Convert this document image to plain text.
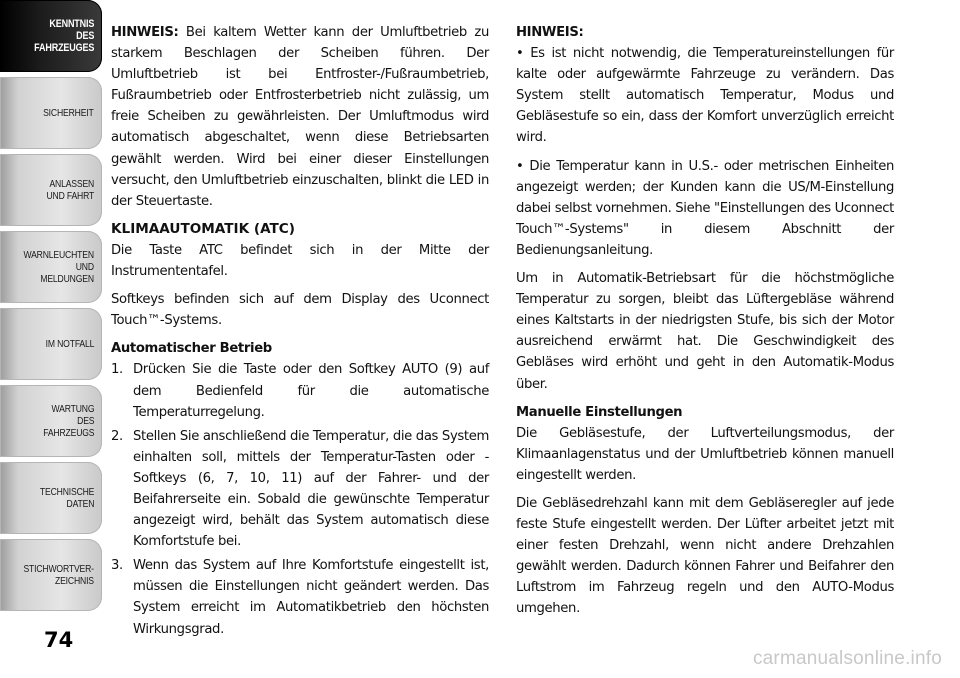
KENNTNIS
DES
FAHRZEUGES
SICHERHEIT
ANLASSEN
UND FAHRT
WARNLEUCHTEN
UND
MELDUNGEN
IM NOTFALL
WARTUNG
DES
FAHRZEUGS
TECHNISCHE
DATEN
STICHWORTVER-
ZEICHNIS
74

HINWEIS: Bei kaltem Wetter kann der Umluftbetrieb zu starkem Beschlagen der Scheiben führen. Der Umluftbetrieb ist bei Entfroster-/Fußraumbetrieb, Fußraumbetrieb oder Entfrosterbetrieb nicht zulässig, um freie Scheiben zu gewährleisten. Der Umluftmodus wird automatisch abgeschaltet, wenn diese Betriebsarten gewählt werden. Wird bei einer dieser Einstellungen versucht, den Umluftbetrieb einzuschalten, blinkt die LED in der Steuertaste.

KLIMAAUTOMATIK (ATC)

Die Taste ATC befindet sich in der Mitte der Instrumententafel.

Softkeys befinden sich auf dem Display des Uconnect Touch™-Systems.

Automatischer Betrieb
1. Drücken Sie die Taste oder den Softkey AUTO (9) auf dem Bedienfeld für die automatische Temperaturregelung.
2. Stellen Sie anschließend die Temperatur, die das System einhalten soll, mittels der Temperatur-Tasten oder -Softkeys (6, 7, 10, 11) auf der Fahrer- und der Beifahrerseite ein. Sobald die gewünschte Temperatur angezeigt wird, behält das System automatisch diese Komfortstufe bei.
3. Wenn das System auf Ihre Komfortstufe eingestellt ist, müssen die Einstellungen nicht geändert werden. Das System erreicht im Automatikbetrieb den höchsten Wirkungsgrad.
HINWEIS:

• Es ist nicht notwendig, die Temperatureinstellungen für kalte oder aufgewärmte Fahrzeuge zu verändern. Das System stellt automatisch Temperatur, Modus und Gebläsestufe so ein, dass der Komfort unverzüglich erreicht wird.

• Die Temperatur kann in U.S.- oder metrischen Einheiten angezeigt werden; der Kunden kann die US/M-Einstellung dabei selbst vornehmen. Siehe "Einstellungen des Uconnect Touch™-Systems" in diesem Abschnitt der Bedienungsanleitung.

Um in Automatik-Betriebsart für die höchstmögliche Temperatur zu sorgen, bleibt das Lüftergebläse während eines Kaltstarts in der niedrigsten Stufe, bis sich der Motor ausreichend erwärmt hat. Die Geschwindigkeit des Gebläses wird erhöht und geht in den Automatik-Modus über.

Manuelle Einstellungen

Die Gebläsestufe, der Luftverteilungsmodus, der Klimaanlagenstatus und der Umluftbetrieb können manuell eingestellt werden.

Die Gebläsedrehzahl kann mit dem Gebläseregler auf jede feste Stufe eingestellt werden. Der Lüfter arbeitet jetzt mit einer festen Drehzahl, wenn nicht andere Drehzahlen gewählt werden. Dadurch können Fahrer und Beifahrer den Luftstrom im Fahrzeug regeln und den AUTO-Modus umgehen.

carmanualsonline.info
